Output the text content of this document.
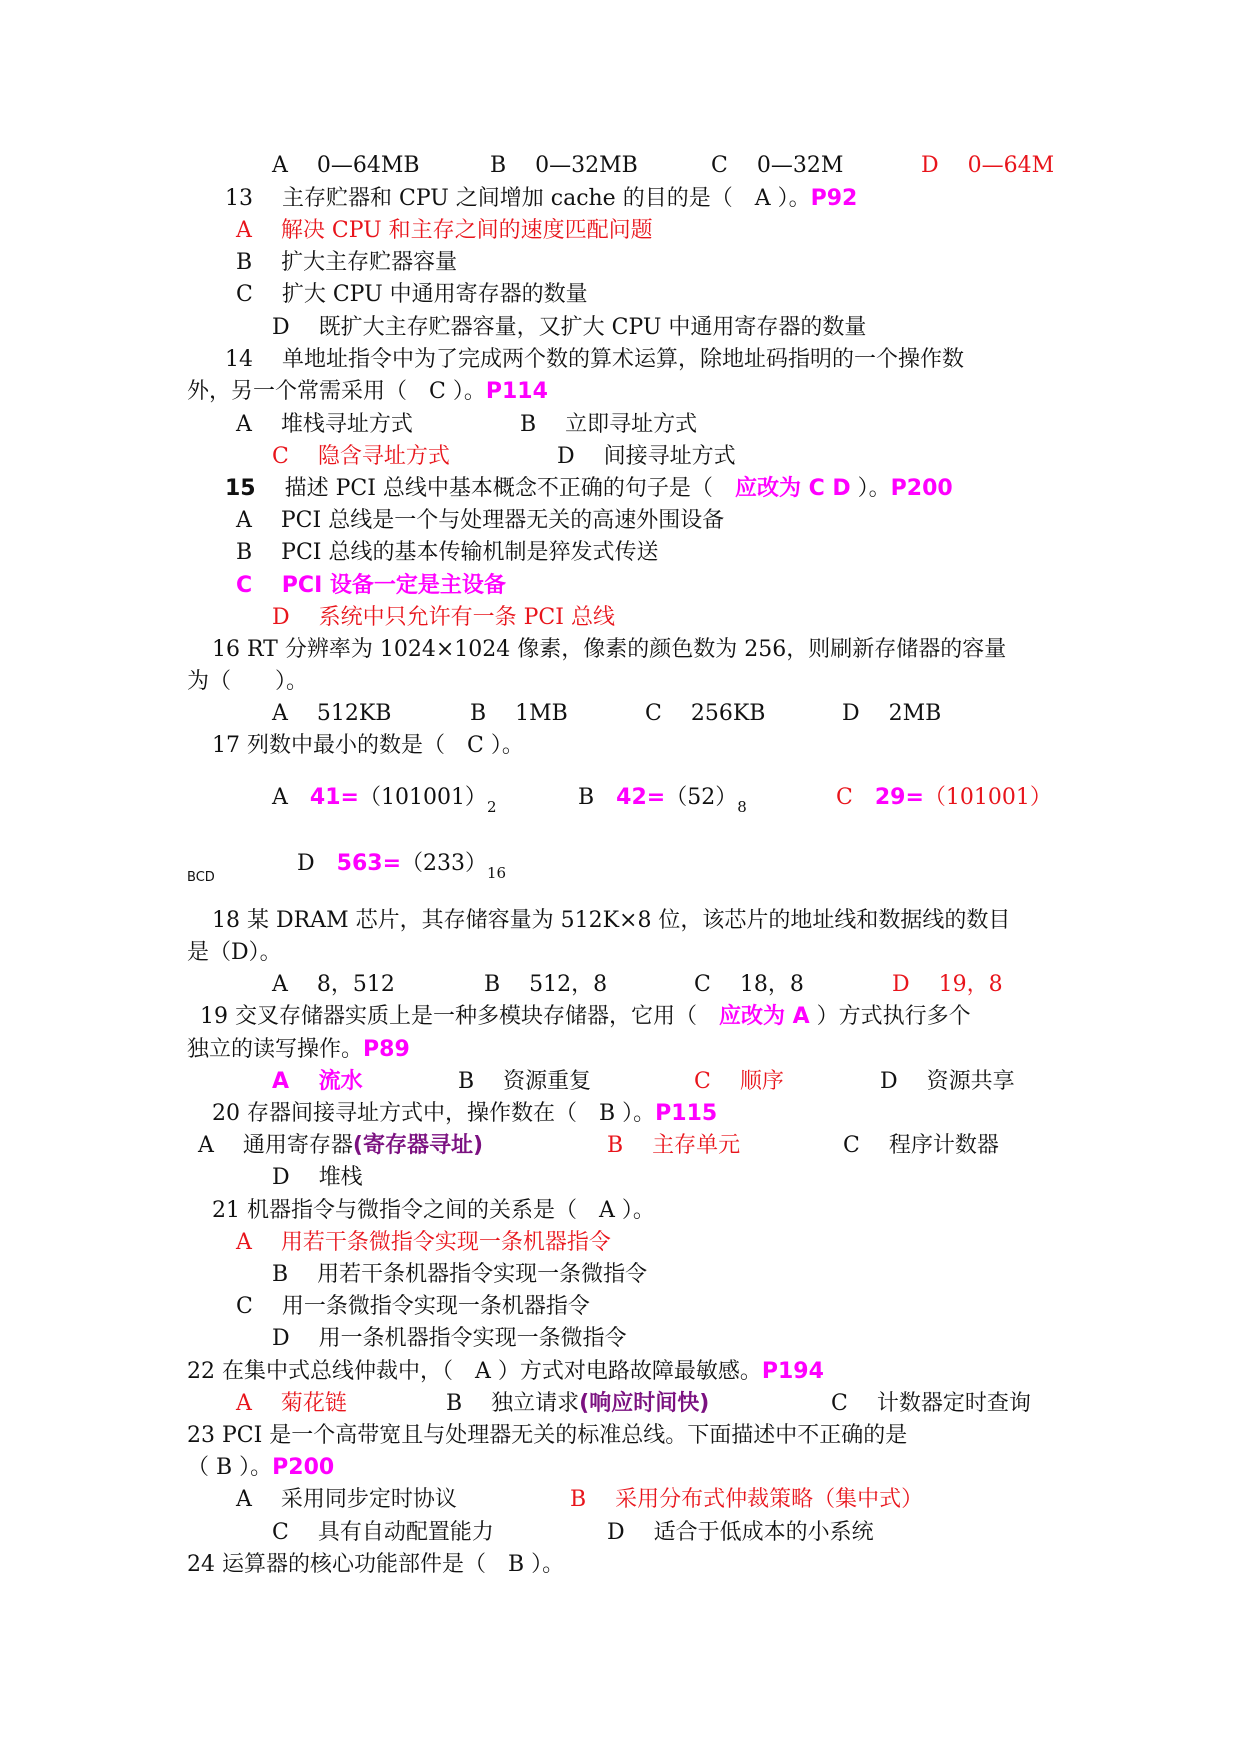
A　 0—64MB	B　 0—32MB	C　 0—32M	D　 0—64M
13　 主存贮器和 CPU 之间增加 cache 的目的是（　A ）。P92
A　 解决 CPU 和主存之间的速度匹配问题
B　 扩大主存贮器容量
C　 扩大 CPU 中通用寄存器的数量
D　 既扩大主存贮器容量，又扩大 CPU 中通用寄存器的数量
14　 单地址指令中为了完成两个数的算术运算，除地址码指明的一个操作数
外，另一个常需采用（　C ）。P114
A　 堆栈寻址方式	B　 立即寻址方式
C　 隐含寻址方式	D　 间接寻址方式
15　 描述 PCI 总线中基本概念不正确的句子是（　应改为 C D ）。P200
A　 PCI 总线是一个与处理器无关的高速外围设备
B　 PCI 总线的基本传输机制是猝发式传送
C　 PCI 设备一定是主设备
D　 系统中只允许有一条 PCI 总线
16 RT 分辨率为 1024×1024 像素，像素的颜色数为 256，则刷新存储器的容量
为（　　）。
A　 512KB	B　 1MB	C　 256KB	D　 2MB
17 列数中最小的数是（　C ）。
A　$41=(101001)_2$	B　$42=(52)_8$	C　29=（101001）
BCD
D　$563=(233)_{16}$
18 某 DRAM 芯片，其存储容量为 512K×8 位，该芯片的地址线和数据线的数目
是（D）。
A　 8，512	B　 512，8	C　 18，8	D　 19，8
19 交叉存储器实质上是一种多模块存储器，它用（　应改为 A ）方式执行多个
独立的读写操作。P89
A　 流水	B　 资源重复	C　 顺序	D　 资源共享
20 存器间接寻址方式中，操作数在（　B ）。P115
A　 通用寄存器(寄存器寻址)	B　 主存单元	C　 程序计数器
D　 堆栈
21 机器指令与微指令之间的关系是（　A ）。
A　 用若干条微指令实现一条机器指令
B　 用若干条机器指令实现一条微指令
C　 用一条微指令实现一条机器指令
D　 用一条机器指令实现一条微指令
22 在集中式总线仲裁中，（　A ）方式对电路故障最敏感。P194
A　 菊花链	B　 独立请求(响应时间快)	C　 计数器定时查询
23 PCI 是一个高带宽且与处理器无关的标准总线。下面描述中不正确的是
（ B ）。P200
A　 采用同步定时协议	B　 采用分布式仲裁策略（集中式）
C　 具有自动配置能力	D　 适合于低成本的小系统
24 运算器的核心功能部件是（　B ）。
